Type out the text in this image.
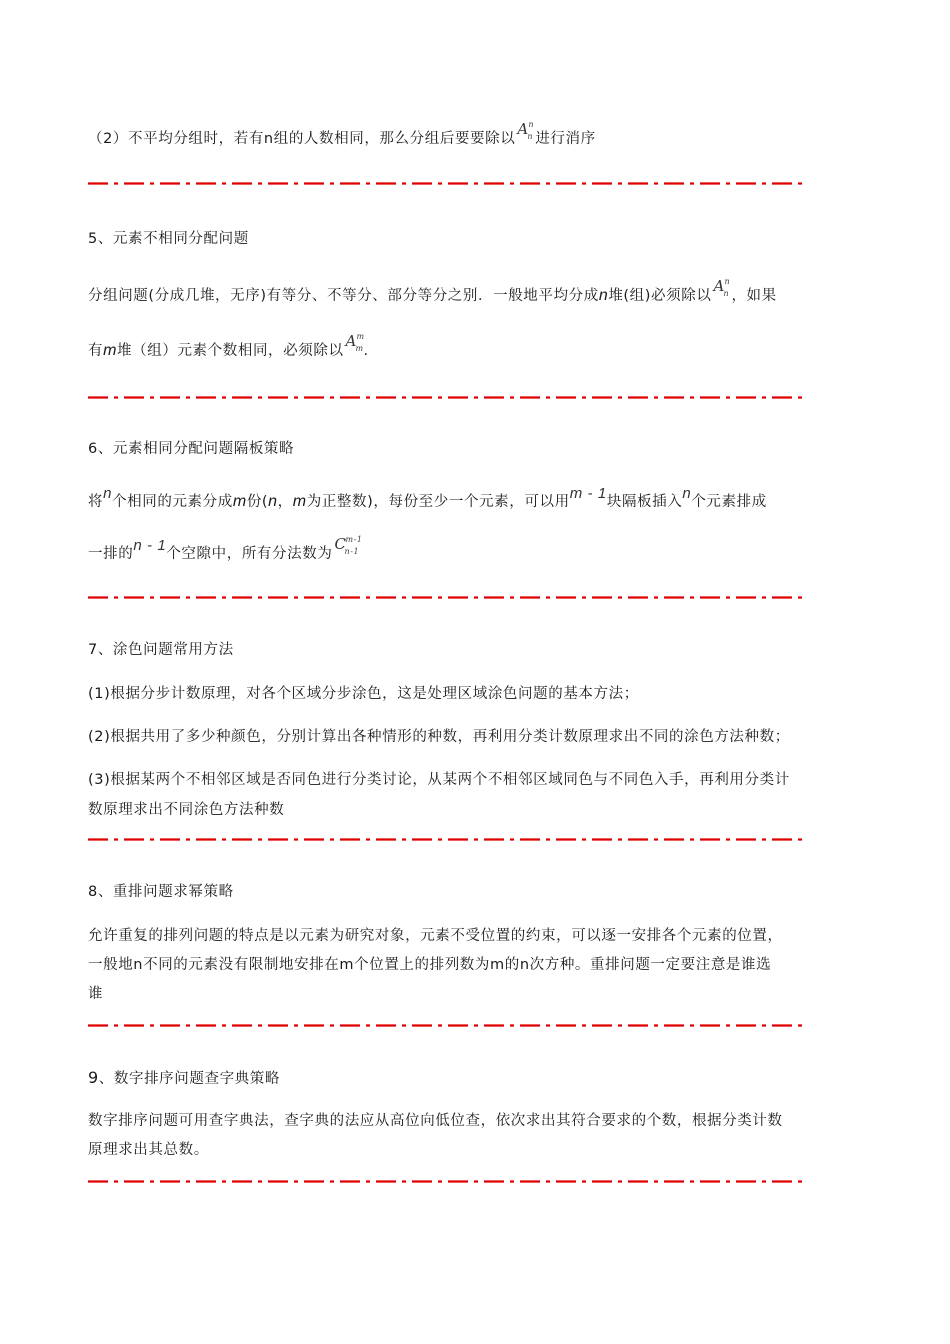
（2）不平均分组时，若有n组的人数相同，那么分组后要要除以
A n
n 进行消序
5、元素不相同分配问题
分组问题(分成几堆，无序)有等分、不等分、部分等分之别．一般地平均分成n堆(组)必须除以
A n
n ，如果
有m堆（组）元素个数相同，必须除以
A m
m .
6、元素相同分配问题隔板策略
将n个相同的元素分成m份(n，m为正整数)，每份至少一个元素，可以用m - 1块隔板插入n个元素排成
一排的n - 1个空隙中，所有分法数为
C
m-1
n-1
7、涂色问题常用方法
(1)根据分步计数原理，对各个区域分步涂色，这是处理区域涂色问题的基本方法；
(2)根据共用了多少种颜色，分别计算出各种情形的种数，再利用分类计数原理求出不同的涂色方法种数；
(3)根据某两个不相邻区域是否同色进行分类讨论，从某两个不相邻区域同色与不同色入手，再利用分类计
数原理求出不同涂色方法种数
8、重排问题求幂策略
允许重复的排列问题的特点是以元素为研究对象，元素不受位置的约束，可以逐一安排各个元素的位置，
一般地n不同的元素没有限制地安排在m个位置上的排列数为m的n次方种。重排问题一定要注意是谁选
谁
9、数字排序问题查字典策略
数字排序问题可用查字典法，查字典的法应从高位向低位查，依次求出其符合要求的个数，根据分类计数
原理求出其总数。
